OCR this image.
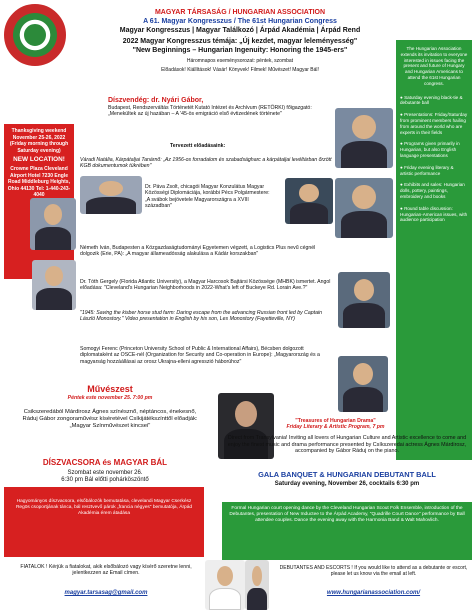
MAGYAR TÁRSASÁG / HUNGARIAN ASSOCIATION
A 61. Magyar Kongresszus / The 61st Hungarian Congress
Magyar Kongresszus | Magyar Találkozó | Árpád Akadémia | Árpád Rend
2022 Magyar Kongresszus témája: „Új kezdet, magyar leleményesség"
"New Beginnings – Hungarian Ingenuity: Honoring the 1945-ers"
Háromnapos eseménysorozat: péntek, szombat
Előadások! Kiállítások! Vásár! Könyvek! Filmek! Művészet! Magyar Bál!
Thanksgiving weekend November 25-26, 2022 (Friday morning through Saturday evening)
NEW LOCATION!
Crowne Plaza Cleveland Airport Hotel 7230 Engle Road Middleburg Heights, Ohio 44130 Tel: 1-440-243-4040

The Hungarian Association extends its invitation to everyone interested in issues facing the present and future of Hungary and Hungarian Americans to attend the 61st Hungarian congress.

● Saturday evening black-tie & debutante ball

● Presentations: Friday/Saturday from prominent members hailing from around the world who are experts in their fields

● Programs given primarily in Hungarian, but also English language presentations

● Friday evening literary & artistic performance

● Exhibits and sales: Hungarian dolls, pottery, paintings, embroidery and books

● Round table discussion: Hungarian-American issues, with audience participation

Díszvendég: dr. Nyári Gábor,
Budapest, Rendszerváltás Történetét Kutató Intézet és Archívum (RETÖRKI) főigazgató: „Menekültek az új hazában – A '45-ös emigráció első évtizedének története"
Tervezett előadásaink:
Váradi Natália, Kárpátaljai Tanárnő: „Az 1956-os forradalom és szabadságharc a kárpátaljai levéltárban őrzött KGB dokumentumok tükrében"
Dr. Páva Zsolt, chicagói Magyar Konzulátus Magyar Közösségi Diplomáciája, korábbi Pécs Polgármestere: „A svábok bejövetele Magyarországra a XVIII században"
Németh Iván, Budapesten a Közgazdaságtudományi Egyetemen végzett, a Logistics Plus nevű cégnél dolgozik (Erie, PA): „A magyar állameadósság alakulása a Kádár korszakban"
Dr. Tóth Gergely (Florida Atlantic University), a Magyar Harcosok Bajtársi Közössége (MHBK) ismertet. Angol előadása: "Cleveland's Hungarian Neighborhoods in 2022-What's left of Buckeye Rd. Lorain Ave.?"
"1945: Saving the kisber horse stud farm: Daring escape from the advancing Russian front led by Captain László Monostory." Video presentation in English by his son, Les Monostory (Fayetteville, NY)
Somogyi Ferenc (Princeton University School of Public & International Affairs), Bécsben dolgozott diplomataként az OSCE-nél (Organization for Security and Co-operation in Europe): „Magyarország és a magyarság hozzáállásai az orosz Ukrajna-elleni agresszió háborúhoz"
Művészest
Péntek este november 25. 7:00 pm
Csikszeredából Márdirosz Ágnes színésznő, néptáncos, énekesnő, Ráduj Gábor zongoraművész kíséretével Csíkijátékszínttől előadják: „Magyar Színművészet kincsei"
"Treasures of Hungarian Drama"
Friday Literary & Artistic Program, 7 pm
Direct from Transylvania! Inviting all lovers of Hungarian Culture and Artistic excellence to come and enjoy the finest music and drama performance presented by Csíkszeredai actress Ágnes Márdirosz, accompanied by Gábor Ráduj on the piano.
DÍSZVACSORA és MAGYAR BÁL
Szombat este november 26.
6:30 pm Bál előtti pohárköszöntő
Hagyományos díszvacsora, elsőbálozók bemutatása, clevelandi Magyar Cserkész Regös csoportjának tánca, bál resztvevő párok „francia négyes" bemutatója, Árpád Akadémia érem átadása
FIATALOK ! Kérjük a fiatalokat, akik elsőbálozó vagy kísérő szeretne lenni, jelentkezzen az Email címen.
magyar.tarsasag@gmail.com
GALA BANQUET & HUNGARIAN DEBUTANT BALL
Saturday evening, November 26, cocktails 6:30 pm
Formal Hungarian court opening dance by the Cleveland Hungarian Scout Folk Ensemble, introduction of the Debutantes, presentation of New Inductee to the Árpád Academy, "Quadrille Court Dance" performance by Ball attendee couples. Dance the evening away with the Harmonia Band & Walt Mahovlich.
DEBUTANTES AND ESCORTS ! If you would like to attend as a debutante or escort, please let us know via the email at left.
www.hungarianassociation.com/
